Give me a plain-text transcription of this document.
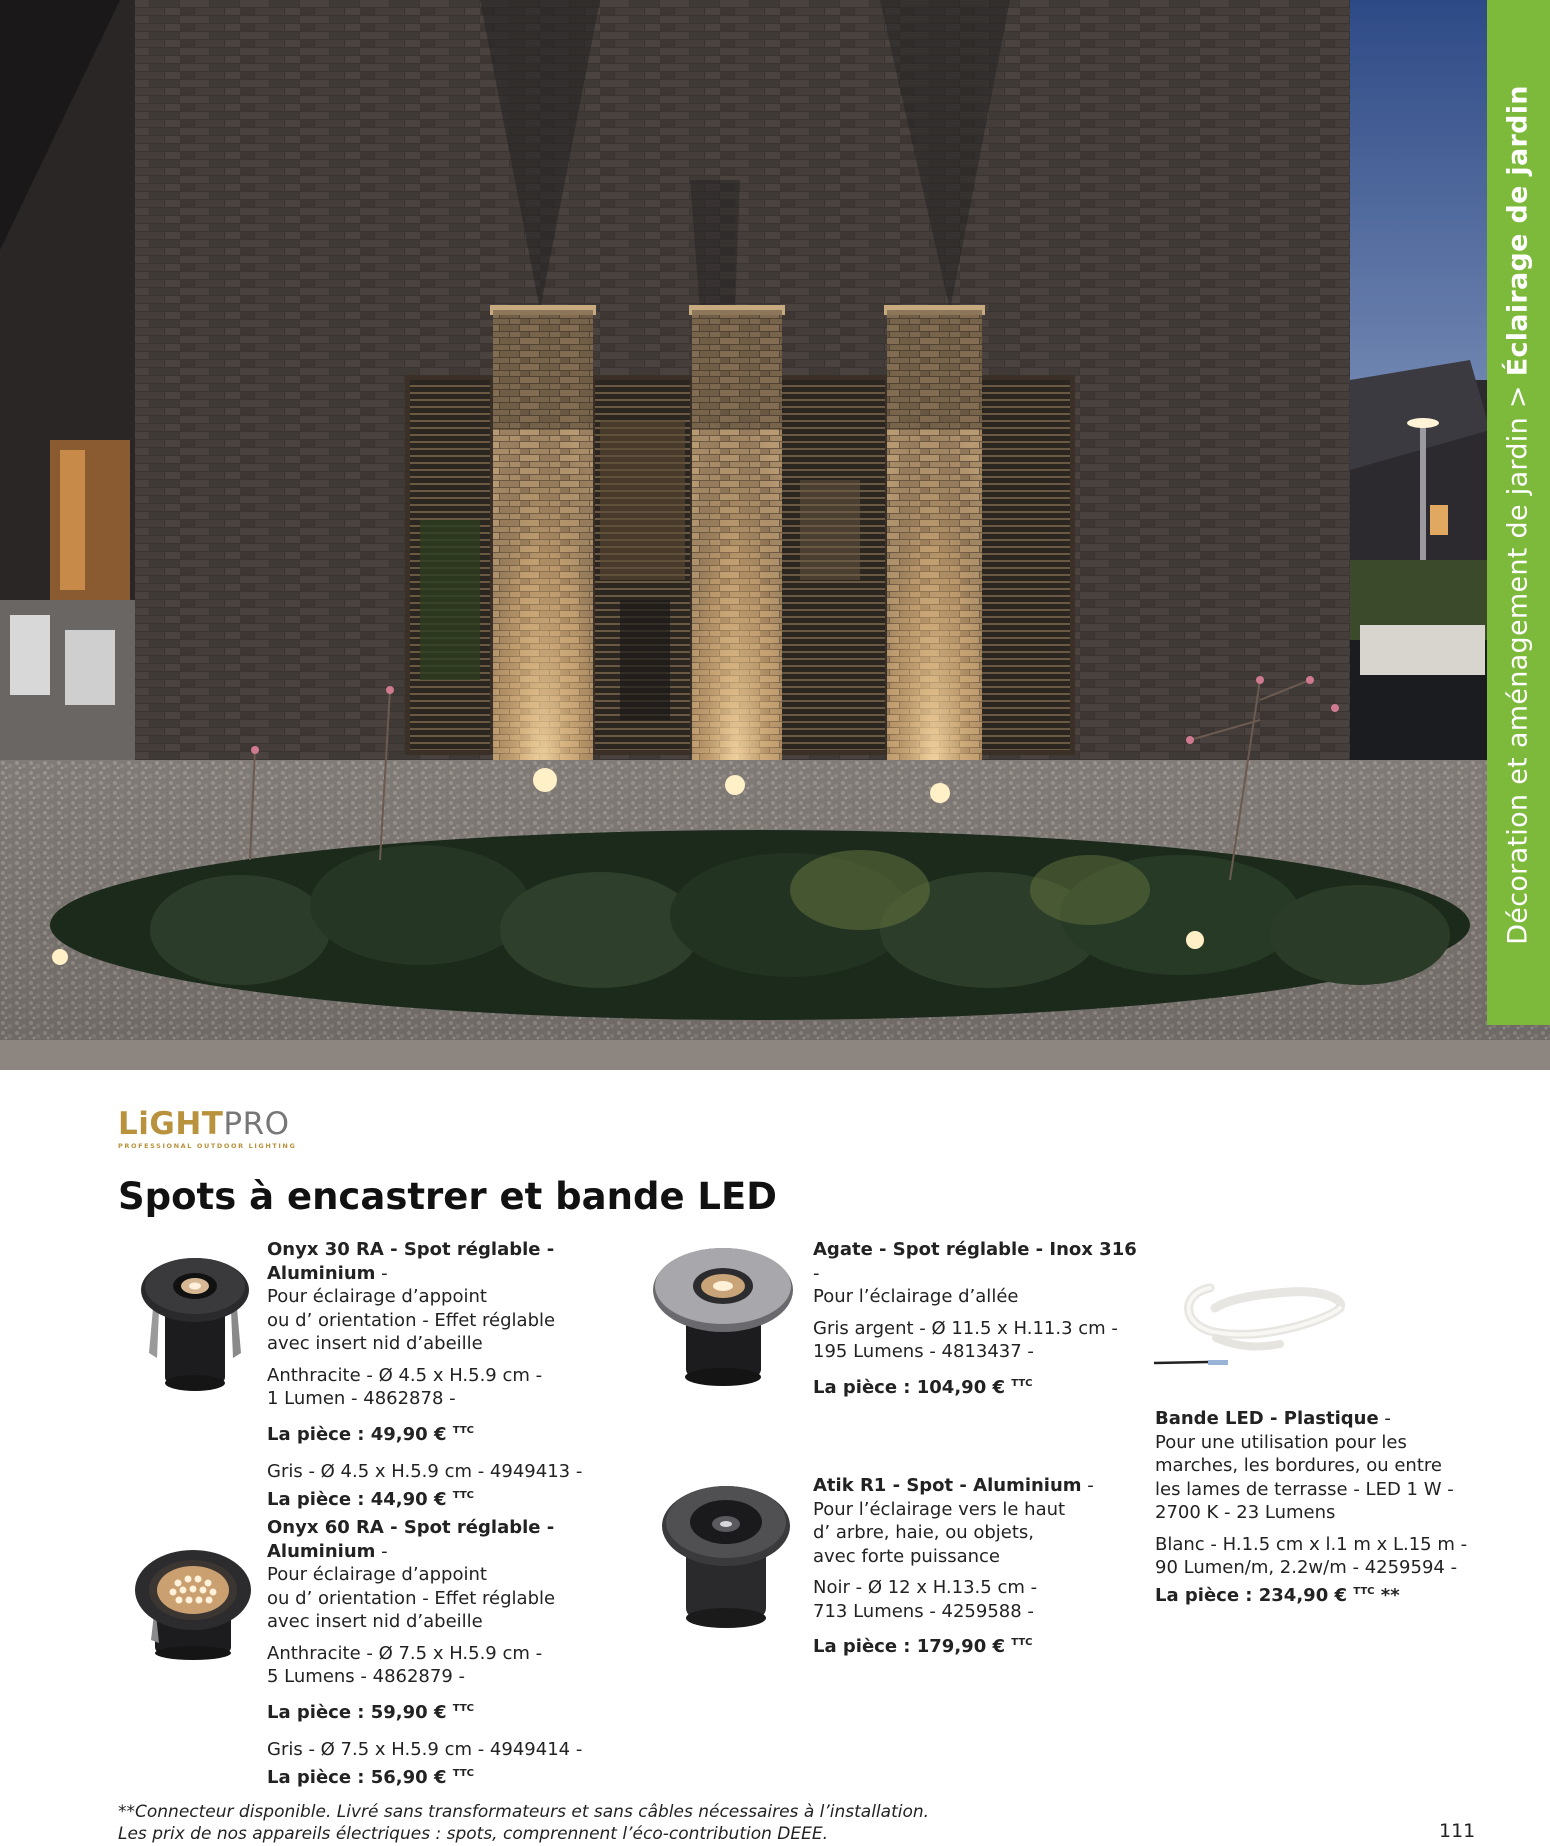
Décoration et aménagement de jardin > Éclairage de jardin
LiGHTPRO
PROFESSIONAL OUTDOOR LIGHTING
Spots à encastrer et bande LED
Onyx 30 RA - Spot réglable - Aluminium -
Pour éclairage d’appoint
ou d’ orientation - Effet réglable
avec insert nid d’abeille
Anthracite - Ø 4.5 x H.5.9 cm -
1 Lumen - 4862878 -
La pièce : 49,90 € $^{TTC}$
Gris - Ø 4.5 x H.5.9 cm - 4949413 -
La pièce : 44,90 € $^{TTC}$
Onyx 60 RA - Spot réglable - Aluminium -
Pour éclairage d’appoint
ou d’ orientation - Effet réglable
avec insert nid d’abeille
Anthracite - Ø 7.5 x H.5.9 cm -
5 Lumens - 4862879 -
La pièce : 59,90 € $^{TTC}$
Gris - Ø 7.5 x H.5.9 cm - 4949414 -
La pièce : 56,90 € $^{TTC}$
Agate - Spot réglable - Inox 316 -
Pour l’éclairage d’allée
Gris argent - Ø 11.5 x H.11.3 cm -
195 Lumens - 4813437 -
La pièce : 104,90 € $^{TTC}$
Atik R1 - Spot - Aluminium -
Pour l’éclairage vers le haut
d’ arbre, haie, ou objets,
avec forte puissance
Noir - Ø 12 x H.13.5 cm -
713 Lumens - 4259588 -
La pièce : 179,90 € $^{TTC}$
Bande LED - Plastique -
Pour une utilisation pour les
marches, les bordures, ou entre
les lames de terrasse - LED 1 W -
2700 K - 23 Lumens
Blanc - H.1.5 cm x l.1 m x L.15 m -
90 Lumen/m, 2.2w/m - 4259594 -
La pièce : 234,90 € $^{TTC}$ **
**Connecteur disponible. Livré sans transformateurs et sans câbles nécessaires à l’installation.
Les prix de nos appareils électriques : spots, comprennent l’éco-contribution DEEE.	111
